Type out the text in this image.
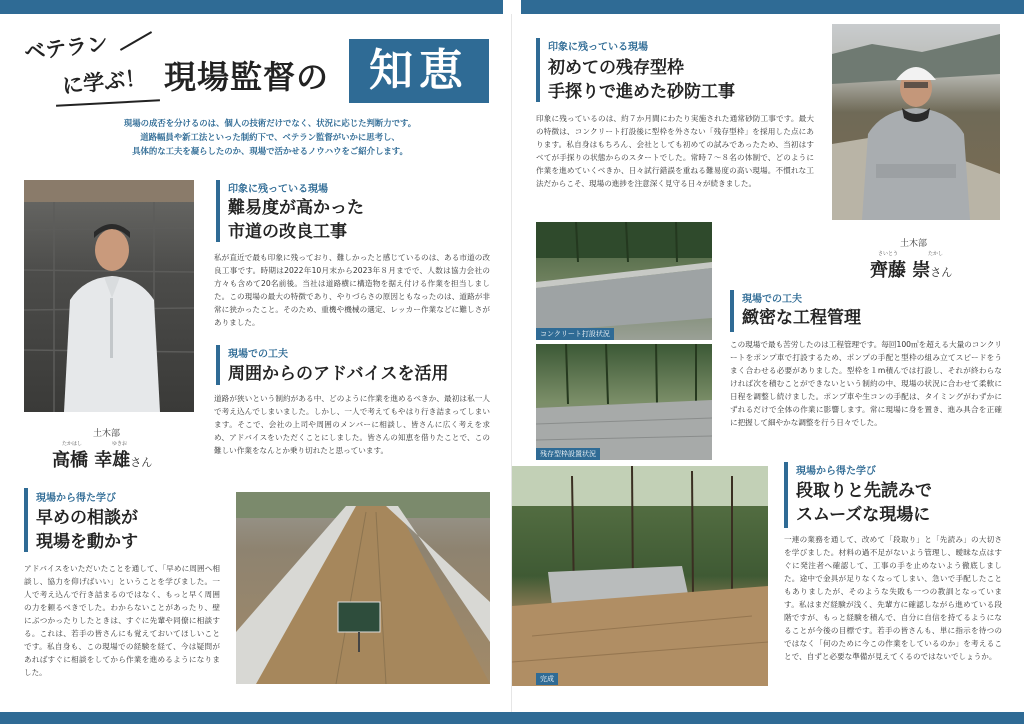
ベテラン
に学ぶ！ 現場監督の 知恵
現場の成否を分けるのは、個人の技術だけでなく、状況に応じた判断力です。
道路幅員や新工法といった制約下で、ベテラン監督がいかに思考し、
具体的な工夫を凝らしたのか、現場で活かせるノウハウをご紹介します。
土木部
たかはし	ゆきお
高橋 幸雄さん
印象に残っている現場
難易度が高かった
市道の改良工事
私が直近で最も印象に残っており、難しかったと感じているのは、ある市道の改良工事です。時期は2022年10月末から2023年８月までで、人数は協力会社の方々も含めて20名前後。当社は道路横に構造物を据え付ける作業を担当しました。この現場の最大の特徴であり、やりづらさの原因ともなったのは、道路が非常に狭かったこと。そのため、重機や機械の選定、レッカー作業などに難しさがありました。
現場での工夫
周囲からのアドバイスを活用
道路が狭いという制約がある中、どのように作業を進めるべきか、最初は私一人で考え込んでしまいました。しかし、一人で考えてもやはり行き詰まってしまいます。そこで、会社の上司や周囲のメンバーに相談し、皆さんに広く考えを求め、アドバイスをいただくことにしました。皆さんの知恵を借りたことで、この難しい作業をなんとか乗り切れたと思っています。
現場から得た学び
早めの相談が
現場を動かす
アドバイスをいただいたことを通して、「早めに周囲へ相談し、協力を仰げばいい」ということを学びました。一人で考え込んで行き詰まるのではなく、もっと早く周囲の力を頼るべきでした。わからないことがあったり、壁にぶつかったりしたときは、すぐに先輩や同僚に相談する。これは、若手の皆さんにも覚えておいてほしいことです。私自身も、この現場での経験を経て、今は疑問があればすぐに相談をしてから作業を進めるようになりました。
印象に残っている現場
初めての残存型枠
手探りで進めた砂防工事
印象に残っているのは、約７か月間にわたり実施された通常砂防工事です。最大の特徴は、コンクリート打設後に型枠を外さない「残存型枠」を採用した点にあります。私自身はもちろん、会社としても初めての試みであったため、当初はすべてが手探りの状態からのスタートでした。常時７～８名の体制で、どのように作業を進めていくべきか、日々試行錯誤を重ねる難易度の高い現場。不慣れな工法だからこそ、現場の進捗を注意深く見守る日々が続きました。
土木部
さいとう	たかし
齊藤 崇さん
コンクリート打設状況
残存型枠設置状況
現場での工夫
緻密な工程管理
この現場で最も苦労したのは工程管理です。毎回100㎥を超える大量のコンクリートをポンプ車で打設するため、ポンプの手配と型枠の組み立てスピードをうまく合わせる必要がありました。型枠を１m積んでは打設し、それが終わらなければ次を積むことができないという制約の中、現場の状況に合わせて柔軟に日程を調整し続けました。ポンプ車や生コンの手配は、タイミングがわずかにずれるだけで全体の作業に影響します。常に現場に身を置き、進み具合を正確に把握して細やかな調整を行う日々でした。
完成
現場から得た学び
段取りと先読みで
スムーズな現場に
一連の業務を通して、改めて「段取り」と「先読み」の大切さを学びました。材料の過不足がないよう管理し、曖昧な点はすぐに発注者へ確認して、工事の手を止めないよう徹底しました。途中で金具が足りなくなってしまい、急いで手配したこともありましたが、そのような失敗も一つの教訓となっています。私はまだ経験が浅く、先輩方に確認しながら進めている段階ですが、もっと経験を積んで、自分に自信を持てるようになることが今後の目標です。若手の皆さんも、単に指示を待つのではなく「何のために今この作業をしているのか」を考えることで、自ずと必要な準備が見えてくるのではないでしょうか。
